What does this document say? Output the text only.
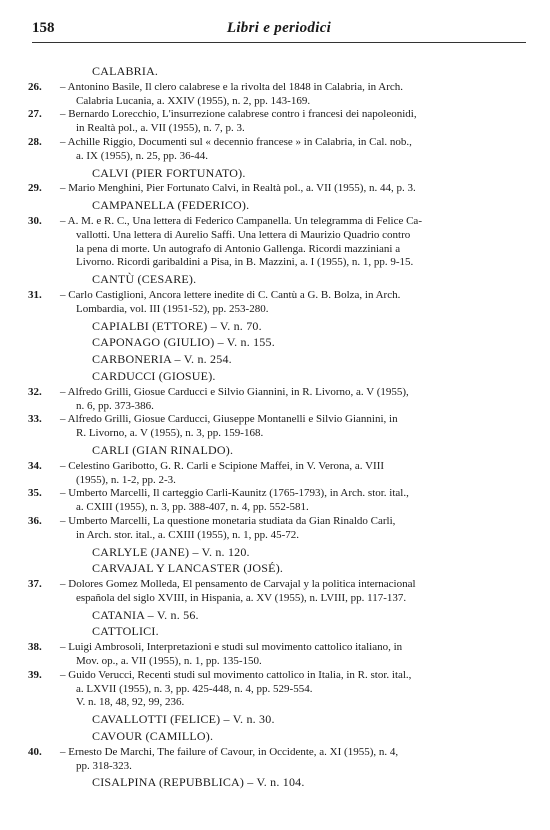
158	Libri e periodici
CALABRIA.
26.	– Antonino Basile, Il clero calabrese e la rivolta del 1848 in Calabria, in Arch.
Calabria Lucania, a. XXIV (1955), n. 2, pp. 143-169.
27.	– Bernardo Lorecchio, L'insurrezione calabrese contro i francesi dei napoleonidi,
in Realtà pol., a. VII (1955), n. 7, p. 3.
28.	– Achille Riggio, Documenti sul « decennio francese » in Calabria, in Cal. nob.,
a. IX (1955), n. 25, pp. 36-44.
CALVI (PIER FORTUNATO).
29.	– Mario Menghini, Pier Fortunato Calvi, in Realtà pol., a. VII (1955), n. 44, p. 3.
CAMPANELLA (FEDERICO).
30.	– A. M. e R. C., Una lettera di Federico Campanella. Un telegramma di Felice Ca-
vallotti. Una lettera di Aurelio Saffi. Una lettera di Maurizio Quadrio contro
la pena di morte. Un autografo di Antonio Gallenga. Ricordi mazziniani a
Livorno. Ricordi garibaldini a Pisa, in B. Mazzini, a. I (1955), n. 1, pp. 9-15.
CANTÙ (CESARE).
31.	– Carlo Castiglioni, Ancora lettere inedite di C. Cantù a G. B. Bolza, in Arch.
Lombardia, vol. III (1951-52), pp. 253-280.
CAPIALBI (ETTORE) – V. n. 70.
CAPONAGO (GIULIO) – V. n. 155.
CARBONERIA – V. n. 254.
CARDUCCI (GIOSUE).
32.	– Alfredo Grilli, Giosue Carducci e Silvio Giannini, in R. Livorno, a. V (1955),
n. 6, pp. 373-386.
33.	– Alfredo Grilli, Giosue Carducci, Giuseppe Montanelli e Silvio Giannini, in
R. Livorno, a. V (1955), n. 3, pp. 159-168.
CARLI (GIAN RINALDO).
34.	– Celestino Garibotto, G. R. Carli e Scipione Maffei, in V. Verona, a. VIII
(1955), n. 1-2, pp. 2-3.
35.	– Umberto Marcelli, Il carteggio Carli-Kaunitz (1765-1793), in Arch. stor. ital.,
a. CXIII (1955), n. 3, pp. 388-407, n. 4, pp. 552-581.
36.	– Umberto Marcelli, La questione monetaria studiata da Gian Rinaldo Carli,
in Arch. stor. ital., a. CXIII (1955), n. 1, pp. 45-72.
CARLYLE (JANE) – V. n. 120.
CARVAJAL Y LANCASTER (JOSÉ).
37.	– Dolores Gomez Molleda, El pensamento de Carvajal y la politica internacional
española del siglo XVIII, in Hispania, a. XV (1955), n. LVIII, pp. 117-137.
CATANIA – V. n. 56.
CATTOLICI.
38.	– Luigi Ambrosoli, Interpretazioni e studi sul movimento cattolico italiano, in
Mov. op., a. VII (1955), n. 1, pp. 135-150.
39.	– Guido Verucci, Recenti studi sul movimento cattolico in Italia, in R. stor. ital.,
a. LXVII (1955), n. 3, pp. 425-448, n. 4, pp. 529-554.
V. n. 18, 48, 92, 99, 236.
CAVALLOTTI (FELICE) – V. n. 30.
CAVOUR (CAMILLO).
40.	– Ernesto De Marchi, The failure of Cavour, in Occidente, a. XI (1955), n. 4,
pp. 318-323.
CISALPINA (REPUBBLICA) – V. n. 104.
